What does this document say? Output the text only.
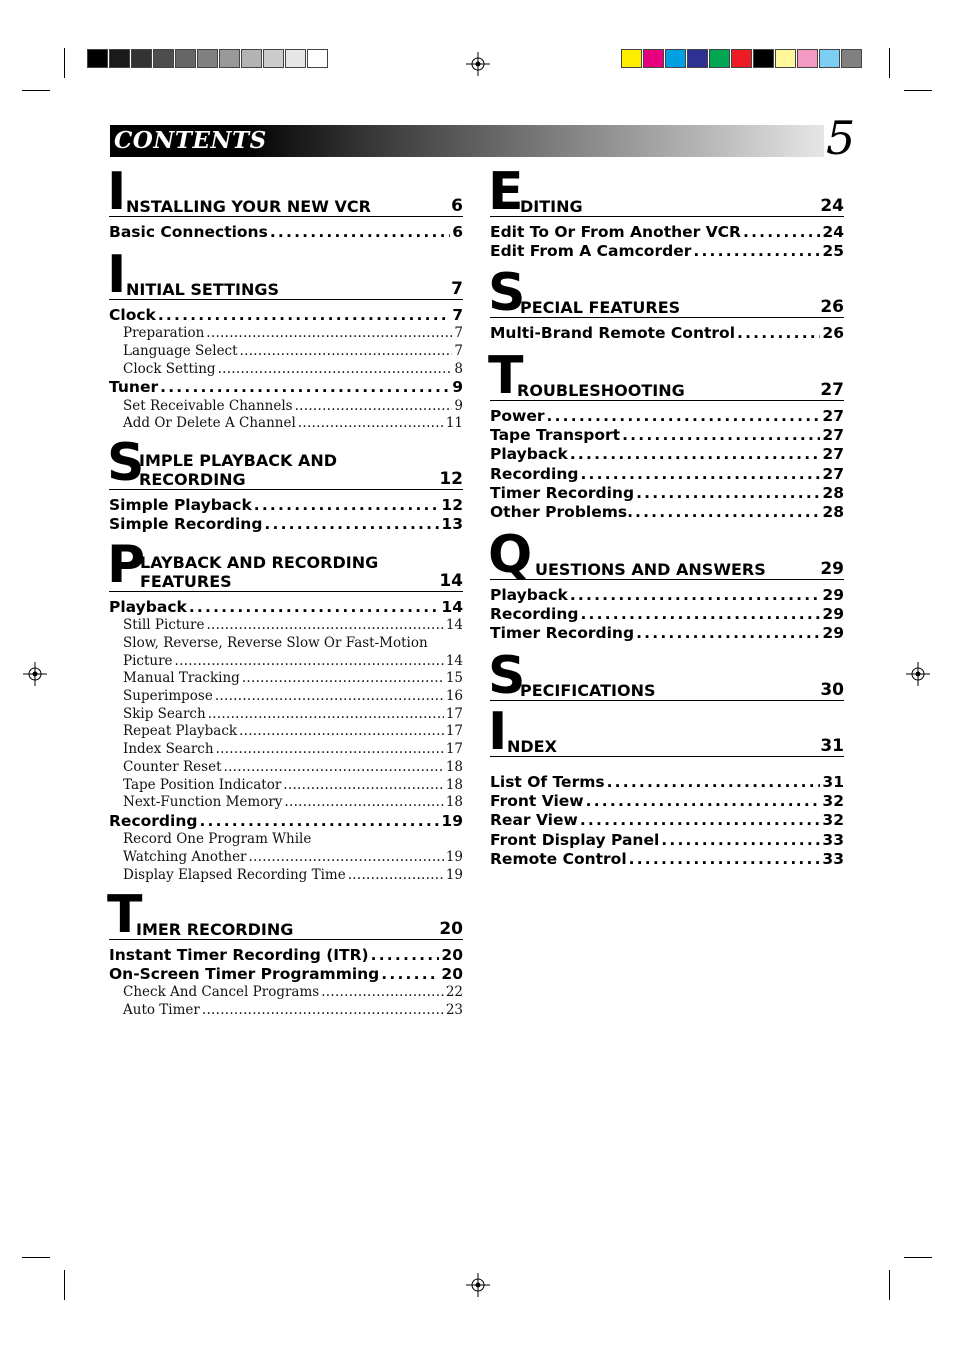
CONTENTS	5
I NSTALLING YOUR NEW VCR	6
Basic Connections . . .	6
I NITIAL SETTINGS	7
Clock . . .	7
Preparation . . .	7
Language Select . . .	7
Clock Setting . . .	8
Tuner . . .	9
Set Receivable Channels . . .	9
Add Or Delete A Channel . . .	11
S
IMPLE PLAYBACK AND
RECORDING	12
Simple Playback . . .	12
Simple Recording . . .	13
P
LAYBACK AND RECORDING
FEATURES	14
Playback . . .	14
Still Picture . . .	14
Slow, Reverse, Reverse Slow Or Fast-Motion
Picture . . .	14
Manual Tracking . . .	15
Superimpose . . .	16
Skip Search . . .	17
Repeat Playback . . .	17
Index Search . . .	17
Counter Reset . . .	18
Tape Position Indicator . . .	18
Next-Function Memory . . .	18
Recording . . .	19
Record One Program While
Watching Another . . .	19
Display Elapsed Recording Time . . .	19
T
IMER RECORDING	20
Instant Timer Recording (ITR) . . .	20
On-Screen Timer Programming . . .	20
Check And Cancel Programs . . .	22
Auto Timer . . .	23
E
DITING	24
Edit To Or From Another VCR . . .	24
Edit From A Camcorder . . .	25
S
PECIAL FEATURES	26
Multi-Brand Remote Control . . .	26
T
ROUBLESHOOTING	27
Power . . .	27
Tape Transport . . .	27
Playback . . .	27
Recording . . .	27
Timer Recording . . .	28
Other Problems. . . .	28
Q UESTIONS AND ANSWERS	29
Playback . . .	29
Recording . . .	29
Timer Recording . . .	29
S
PECIFICATIONS	30
I NDEX	31
List Of Terms . . .	31
Front View . . .	32
Rear View . . .	32
Front Display Panel . . .	33
Remote Control . . .	33
